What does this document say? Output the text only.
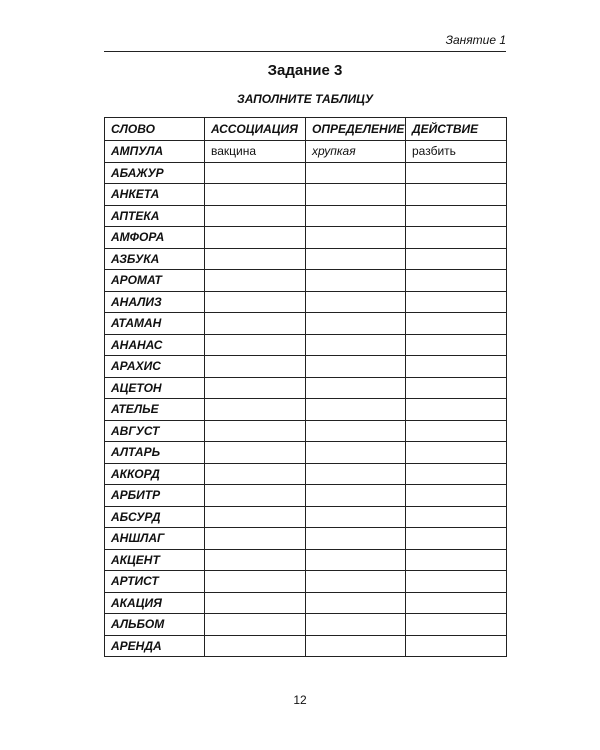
Занятие 1
Задание 3
ЗАПОЛНИТЕ ТАБЛИЦУ
СЛОВО	АССОЦИАЦИЯ	ОПРЕДЕЛЕНИЕ	ДЕЙСТВИЕ
АМПУЛА	вакцина	хрупкая	разбить
АБАЖУР			
АНКЕТА			
АПТЕКА			
АМФОРА			
АЗБУКА			
АРОМАТ			
АНАЛИЗ			
АТАМАН			
АНАНАС			
АРАХИС			
АЦЕТОН			
АТЕЛЬЕ			
АВГУСТ			
АЛТАРЬ			
АККОРД			
АРБИТР			
АБСУРД			
АНШЛАГ			
АКЦЕНТ			
АРТИСТ			
АКАЦИЯ			
АЛЬБОМ			
АРЕНДА			
12
